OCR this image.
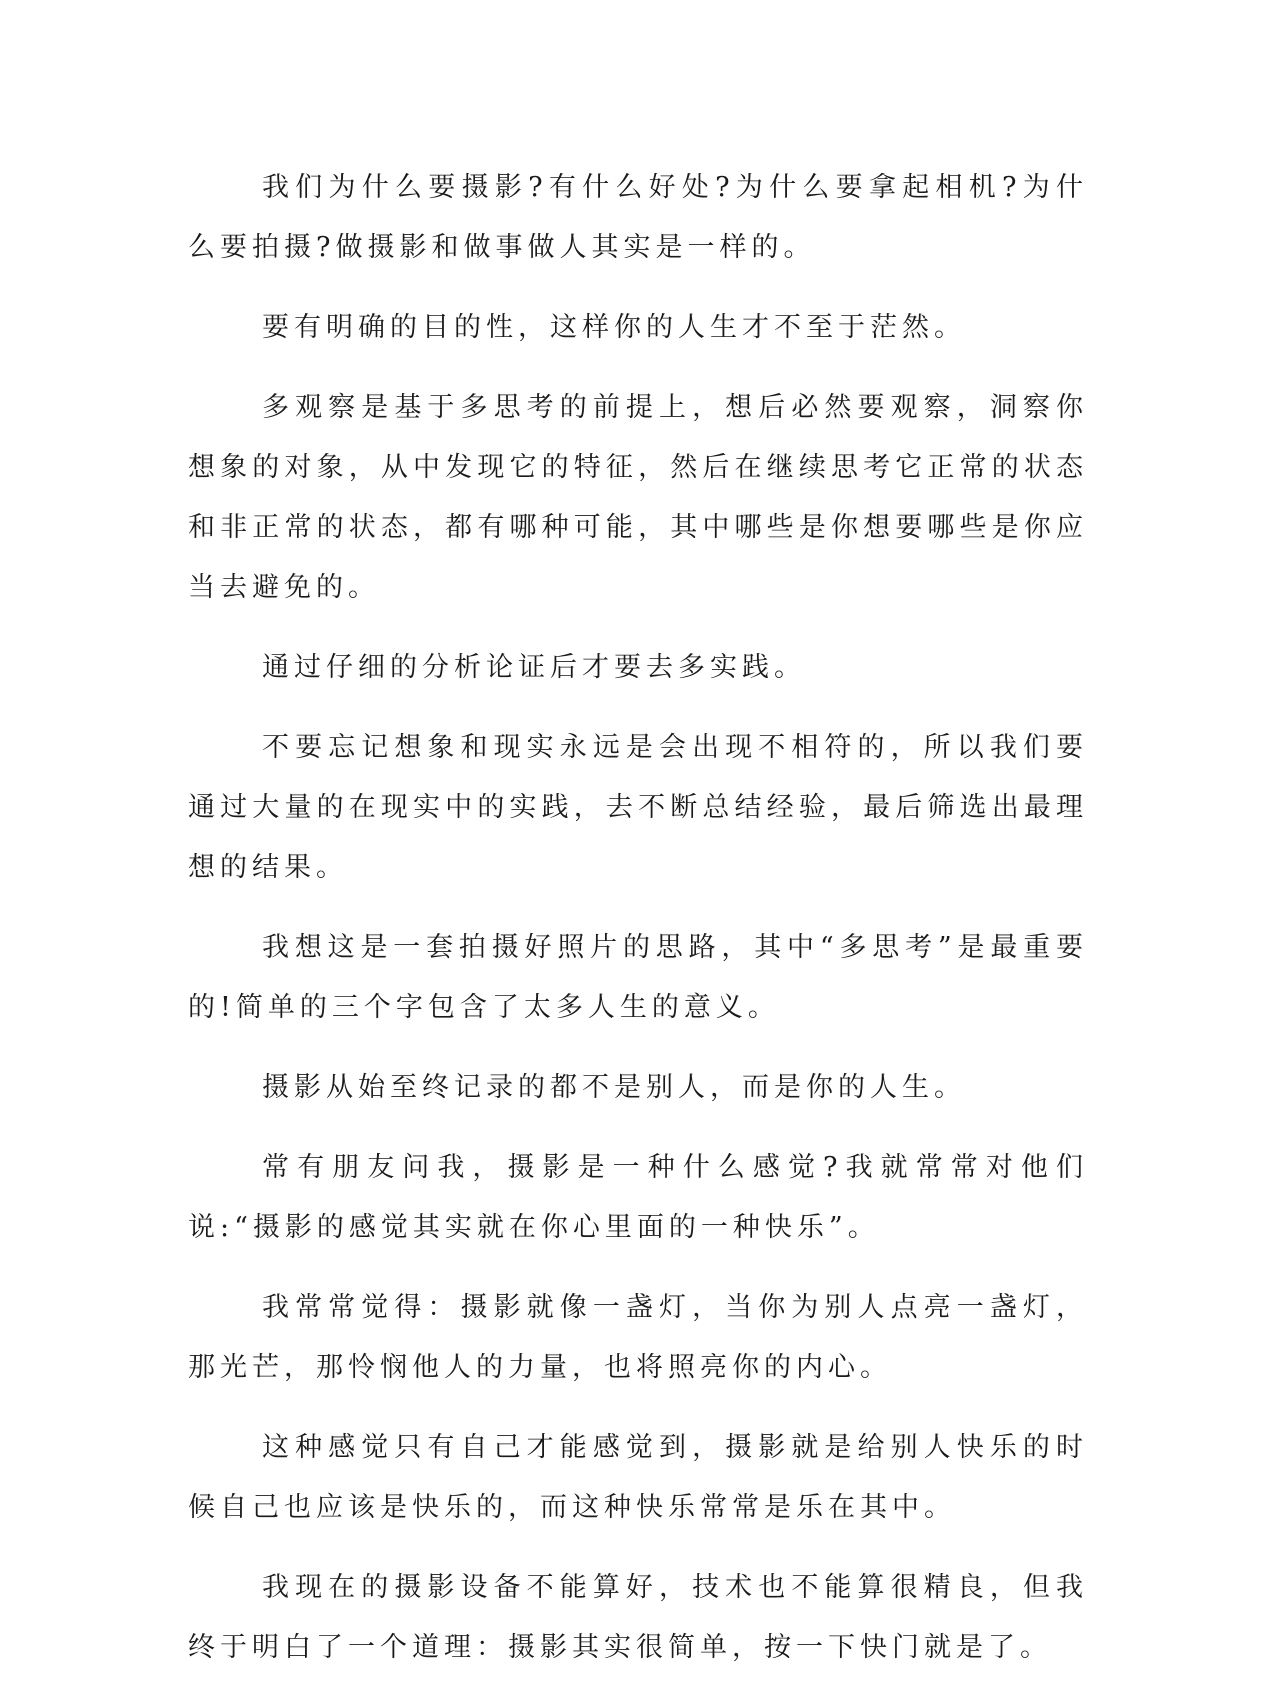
我们为什么要摄影?有什么好处?为什么要拿起相机?为什么要拍摄?做摄影和做事做人其实是一样的。

要有明确的目的性，这样你的人生才不至于茫然。

多观察是基于多思考的前提上，想后必然要观察，洞察你想象的对象，从中发现它的特征，然后在继续思考它正常的状态和非正常的状态，都有哪种可能，其中哪些是你想要哪些是你应当去避免的。

通过仔细的分析论证后才要去多实践。

不要忘记想象和现实永远是会出现不相符的，所以我们要通过大量的在现实中的实践，去不断总结经验，最后筛选出最理想的结果。

我想这是一套拍摄好照片的思路，其中“多思考”是最重要的!简单的三个字包含了太多人生的意义。

摄影从始至终记录的都不是别人，而是你的人生。

常有朋友问我，摄影是一种什么感觉?我就常常对他们说:“摄影的感觉其实就在你心里面的一种快乐”。

我常常觉得：摄影就像一盏灯，当你为别人点亮一盏灯，那光芒，那怜悯他人的力量，也将照亮你的内心。

这种感觉只有自己才能感觉到，摄影就是给别人快乐的时候自己也应该是快乐的，而这种快乐常常是乐在其中。

我现在的摄影设备不能算好，技术也不能算很精良，但我终于明白了一个道理：摄影其实很简单，按一下快门就是了。
